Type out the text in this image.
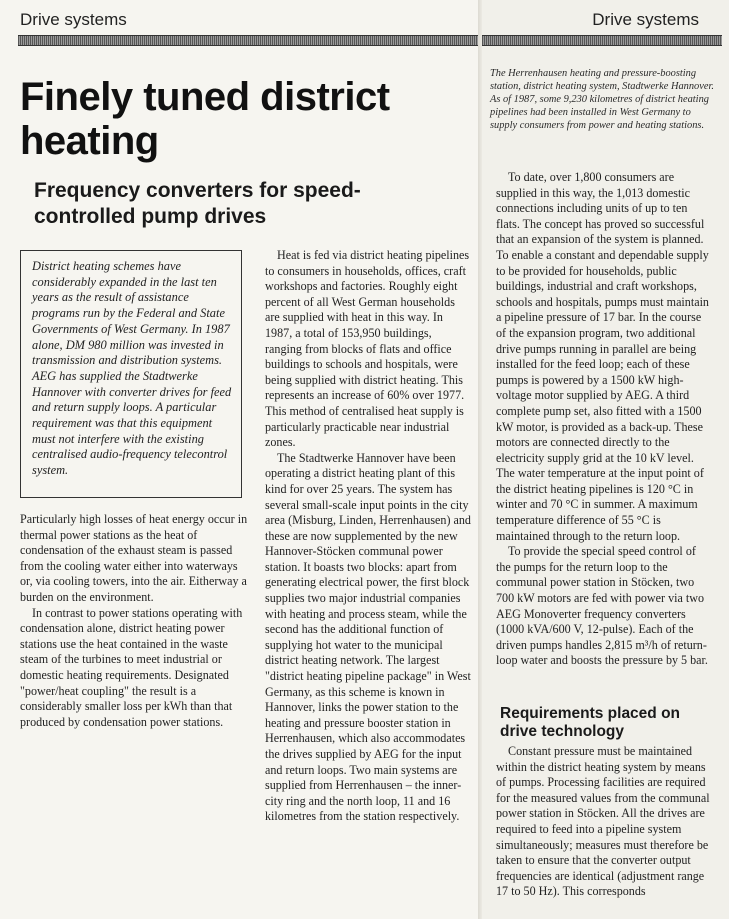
Drive systems	Drive systems
Finely tuned district heating
Frequency converters for speed-controlled pump drives
District heating schemes have considerably expanded in the last ten years as the result of assistance programs run by the Federal and State Governments of West Germany. In 1987 alone, DM 980 million was invested in transmission and distribution systems. AEG has supplied the Stadtwerke Hannover with converter drives for feed and return supply loops. A particular requirement was that this equipment must not interfere with the existing centralised audio-frequency telecontrol system.

Particularly high losses of heat energy occur in thermal power stations as the heat of condensation of the exhaust steam is passed from the cooling water either into waterways or, via cooling towers, into the air. Eitherway a burden on the environment.

In contrast to power stations operating with condensation alone, district heating power stations use the heat contained in the waste steam of the turbines to meet industrial or domestic heating requirements. Designated "power/heat coupling" the result is a considerably smaller loss per kWh than that produced by condensation power stations.

Heat is fed via district heating pipelines to consumers in households, offices, craft workshops and factories. Roughly eight percent of all West German households are supplied with heat in this way. In 1987, a total of 153,950 buildings, ranging from blocks of flats and office buildings to schools and hospitals, were being supplied with district heating. This represents an increase of 60% over 1977. This method of centralised heat supply is particularly practicable near industrial zones.

The Stadtwerke Hannover have been operating a district heating plant of this kind for over 25 years. The system has several small-scale input points in the city area (Misburg, Linden, Herrenhausen) and these are now supplemented by the new Hannover-Stöcken communal power station. It boasts two blocks: apart from generating electrical power, the first block supplies two major industrial companies with heating and process steam, while the second has the additional function of supplying hot water to the municipal district heating network. The largest "district heating pipeline package" in West Germany, as this scheme is known in Hannover, links the power station to the heating and pressure booster station in Herrenhausen, which also accommodates the drives supplied by AEG for the input and return loops. Two main systems are supplied from Herrenhausen – the inner-city ring and the north loop, 11 and 16 kilometres from the station respectively.

The Herrenhausen heating and pressure-boosting station, district heating system, Stadtwerke Hannover. As of 1987, some 9,230 kilometres of district heating pipelines had been installed in West Germany to supply consumers from power and heating stations.

To date, over 1,800 consumers are supplied in this way, the 1,013 domestic connections including units of up to ten flats. The concept has proved so successful that an expansion of the system is planned. To enable a constant and dependable supply to be provided for households, public buildings, industrial and craft workshops, schools and hospitals, pumps must maintain a pipeline pressure of 17 bar. In the course of the expansion program, two additional drive pumps running in parallel are being installed for the feed loop; each of these pumps is powered by a 1500 kW high-voltage motor supplied by AEG. A third complete pump set, also fitted with a 1500 kW motor, is provided as a back-up. These motors are connected directly to the electricity supply grid at the 10 kV level. The water temperature at the input point of the district heating pipelines is 120 °C in winter and 70 °C in summer. A maximum temperature difference of 55 °C is maintained through to the return loop.

To provide the special speed control of the pumps for the return loop to the communal power station in Stöcken, two 700 kW motors are fed with power via two AEG Monoverter frequency converters (1000 kVA/600 V, 12-pulse). Each of the driven pumps handles 2,815 m³/h of return-loop water and boosts the pressure by 5 bar.

Requirements placed on drive technology

Constant pressure must be maintained within the district heating system by means of pumps. Processing facilities are required for the measured values from the communal power station in Stöcken. All the drives are required to feed into a pipeline system simultaneously; measures must therefore be taken to ensure that the converter output frequencies are identical (adjustment range 17 to 50 Hz). This corresponds
